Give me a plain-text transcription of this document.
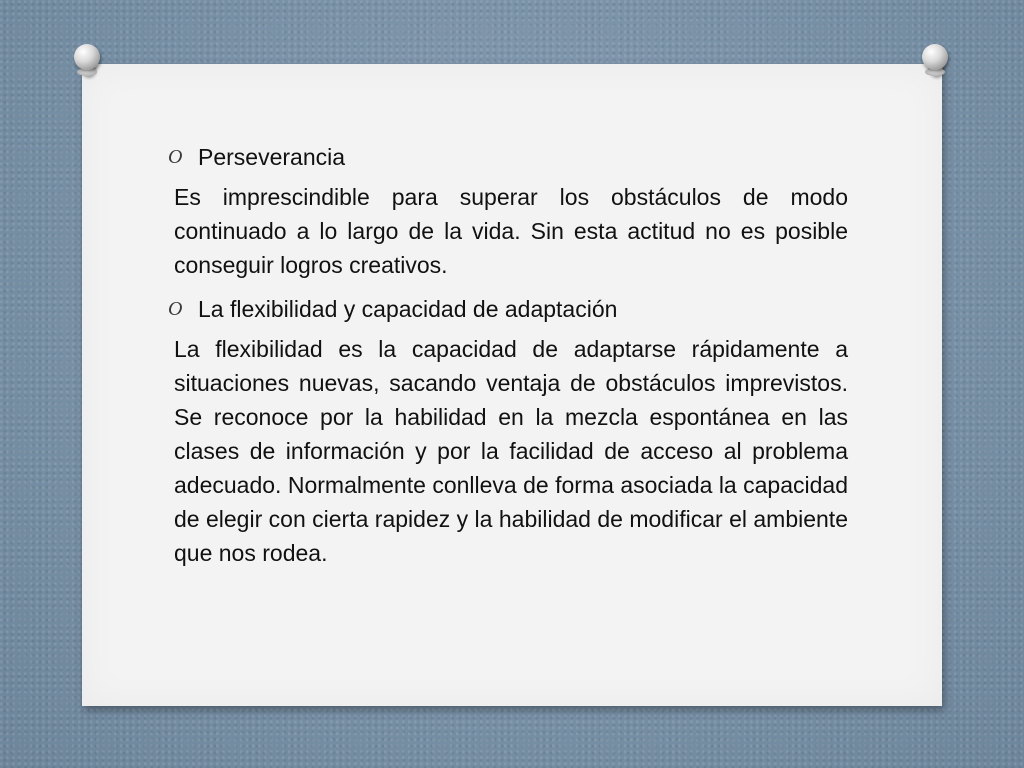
O Perseverancia

Es imprescindible para superar los obstáculos de modo continuado a lo largo de la vida. Sin esta actitud no es posible conseguir logros creativos.

O La flexibilidad y capacidad de adaptación

La flexibilidad es la capacidad de adaptarse rápidamente a situaciones nuevas, sacando ventaja de obstáculos imprevistos. Se reconoce por la habilidad en la mezcla espontánea en las clases de información y por la facilidad de acceso al problema adecuado. Normalmente conlleva de forma asociada la capacidad de elegir con cierta rapidez y la habilidad de modificar el ambiente que nos rodea.
